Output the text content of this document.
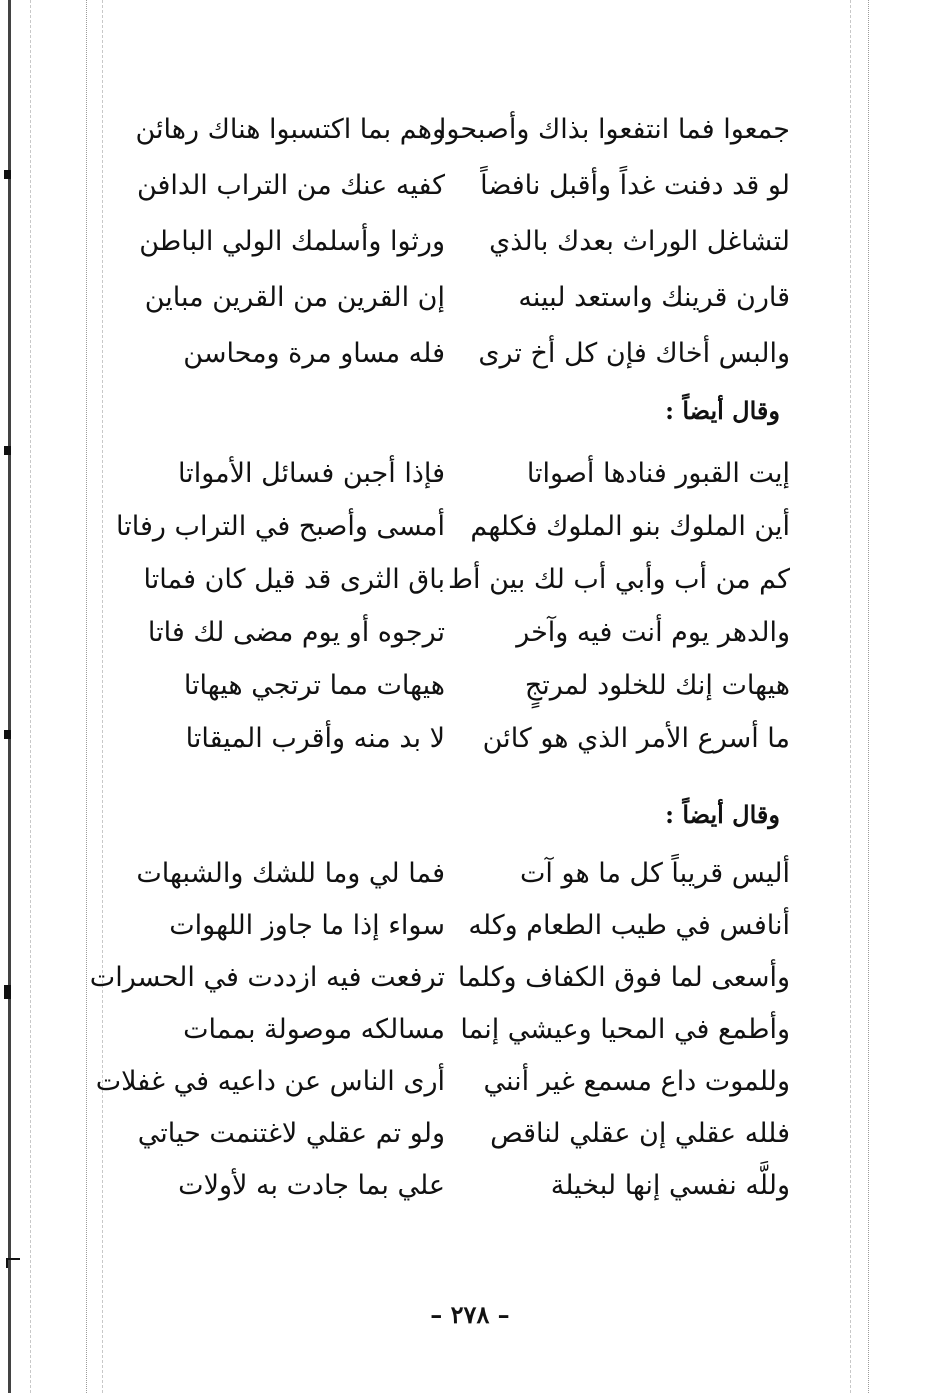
جمعوا فما انتفعوا بذاك وأصبحوا
وهم بما اكتسبوا هناك رهائن
لو قد دفنت غداً وأقبل نافضاً
كفيه عنك من التراب الدافن
لتشاغل الوراث بعدك بالذي
ورثوا وأسلمك الولي الباطن
قارن قرينك واستعد لبينه
إن القرين من القرين مباين
والبس أخاك فإن كل أخ ترى
فله مساو مرة ومحاسن
وقال أيضاً :
إيت القبور فنادها أصواتا
فإذا أجبن فسائل الأمواتا
أين الملوك بنو الملوك فكلهم
أمسى وأصبح في التراب رفاتا
كم من أب وأبي أب لك بين أط
باق الثرى قد قيل كان فماتا
والدهر يوم أنت فيه وآخر
ترجوه أو يوم مضى لك فاتا
هيهات إنك للخلود لمرتجٍ
هيهات مما ترتجي هيهاتا
ما أسرع الأمر الذي هو كائن
لا بد منه وأقرب الميقاتا
وقال أيضاً :
أليس قريباً كل ما هو آت
فما لي وما للشك والشبهات
أنافس في طيب الطعام وكله
سواء إذا ما جاوز اللهوات
وأسعى لما فوق الكفاف وكلما
ترفعت فيه ازددت في الحسرات
وأطمع في المحيا وعيشي إنما
مسالكه موصولة بممات
وللموت داع مسمع غير أنني
أرى الناس عن داعيه في غفلات
فلله عقلي إن عقلي لناقص
ولو تم عقلي لاغتنمت حياتي
وللَّه نفسي إنها لبخيلة
علي بما جادت به لأولات
– ٢٧٨ –
